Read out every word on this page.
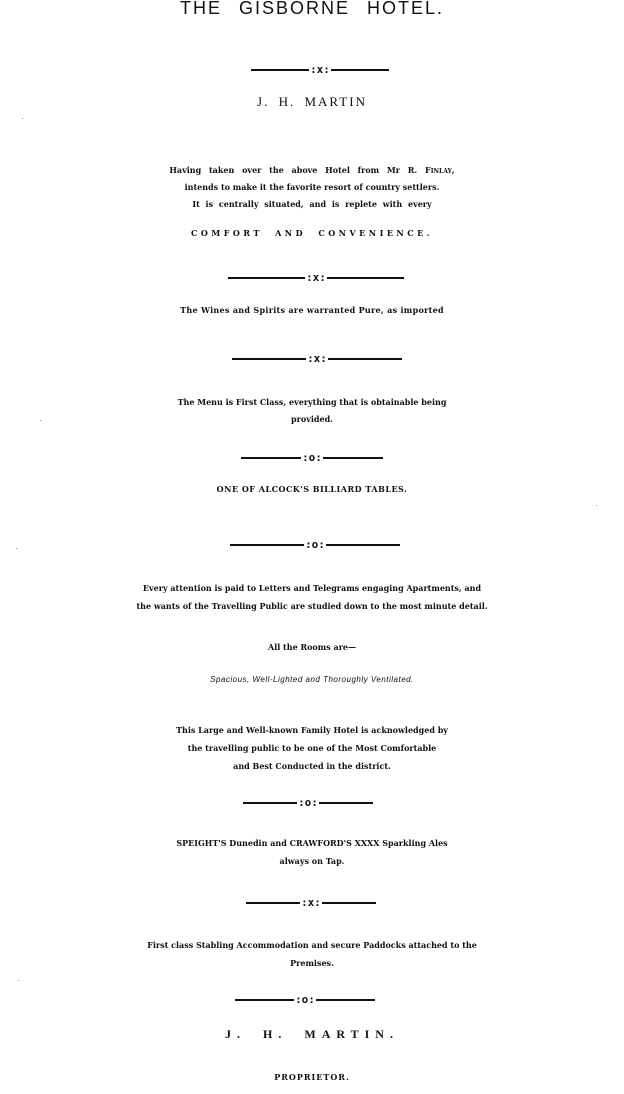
THE GISBORNE HOTEL.
:x:
J. H. MARTIN
Having taken over the above Hotel from Mr R. Finlay,
intends to make it the favorite resort of country settlers.
It is centrally situated, and is replete with every
COMFORT AND CONVENIENCE.
:x:
The Wines and Spirits are warranted Pure, as imported
:x:
The Menu is First Class, everything that is obtainable being
provided.
:o:
ONE OF ALCOCK'S BILLIARD TABLES.
:o:
Every attention is paid to Letters and Telegrams engaging Apartments, and
the wants of the Travelling Public are studied down to the most minute detail.
All the Rooms are—
Spacious, Well-Lighted and Thoroughly Ventilated.
This Large and Well-known Family Hotel is acknowledged by
the travelling public to be one of the Most Comfortable
and Best Conducted in the district.
:o:
SPEIGHT'S Dunedin and CRAWFORD'S XXXX Sparkling Ales
always on Tap.
:x:
First class Stabling Accommodation and secure Paddocks attached to the
Premises.
:o:
J. H. MARTIN.
PROPRIETOR.
